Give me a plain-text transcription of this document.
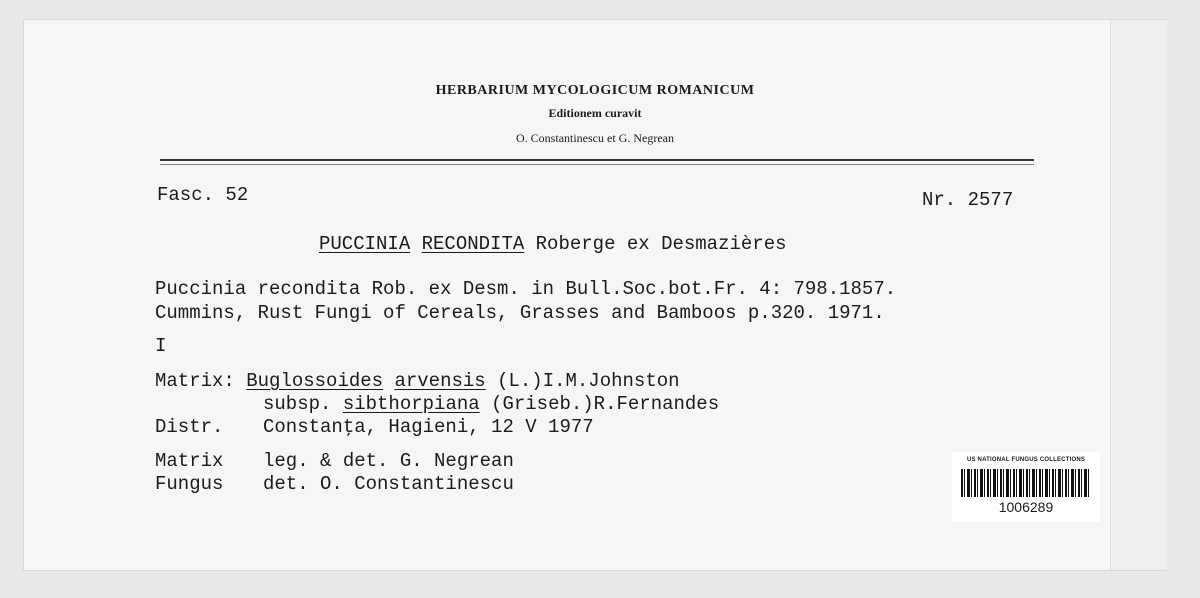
HERBARIUM MYCOLOGICUM ROMANICUM
Editionem curavit
O. Constantinescu et G. Negrean
Fasc. 52	Nr. 2577
PUCCINIA RECONDITA Roberge ex Desmazières
Puccinia recondita Rob. ex Desm. in Bull.Soc.bot.Fr. 4: 798.1857.
Cummins, Rust Fungi of Cereals, Grasses and Bamboos p.320. 1971.
I
Matrix: Buglossoides arvensis (L.)I.M.Johnston
subsp. sibthorpiana (Griseb.)R.Fernandes
Distr. Constanţa, Hagieni, 12 V 1977
Matrix leg. & det. G. Negrean
Fungus det. O. Constantinescu
US NATIONAL FUNGUS COLLECTIONS
1006289
